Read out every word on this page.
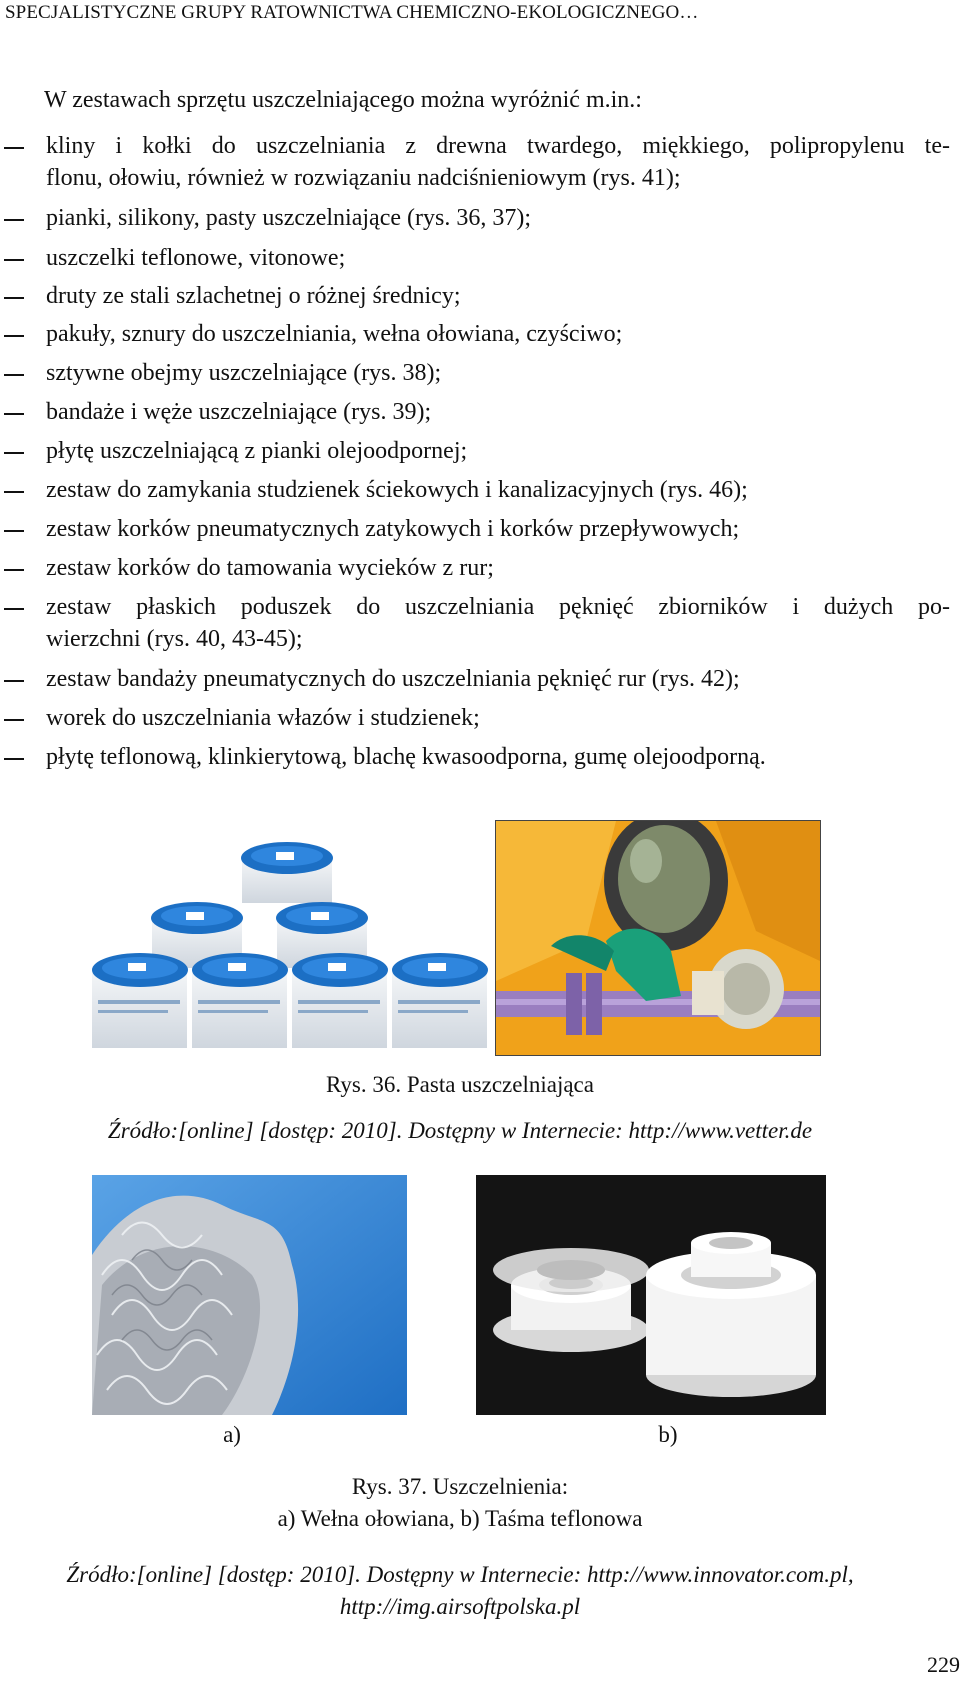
SPECJALISTYCZNE GRUPY RATOWNICTWA CHEMICZNO-EKOLOGICZNEGO…
W zestawach sprzętu uszczelniającego można wyróżnić m.in.:
kliny i kołki do uszczelniania z drewna twardego, miękkiego, polipropylenu te-
flonu, ołowiu, również w rozwiązaniu nadciśnieniowym (rys. 41);
pianki, silikony, pasty uszczelniające (rys. 36, 37);
uszczelki teflonowe, vitonowe;
druty ze stali szlachetnej o różnej średnicy;
pakuły, sznury do uszczelniania, wełna ołowiana, czyściwo;
sztywne obejmy uszczelniające (rys. 38);
bandaże i węże uszczelniające (rys. 39);
płytę uszczelniającą z pianki olejoodpornej;
zestaw do zamykania studzienek ściekowych i kanalizacyjnych (rys. 46);
zestaw korków pneumatycznych zatykowych i korków przepływowych;
zestaw korków do tamowania wycieków z rur;
zestaw płaskich poduszek do uszczelniania pęknięć zbiorników i dużych po-
wierzchni (rys. 40, 43-45);
zestaw bandaży pneumatycznych do uszczelniania pęknięć rur (rys. 42);
worek do uszczelniania włazów i studzienek;
płytę teflonową, klinkierytową, blachę kwasoodporna, gumę olejoodporną.
Rys. 36. Pasta uszczelniająca
Źródło:[online] [dostęp: 2010]. Dostępny w Internecie: http://www.vetter.de
a)	b)
Rys. 37. Uszczelnienia:
a) Wełna ołowiana, b) Taśma teflonowa
Źródło:[online] [dostęp: 2010]. Dostępny w Internecie: http://www.innovator.com.pl,
http://img.airsoftpolska.pl
229
